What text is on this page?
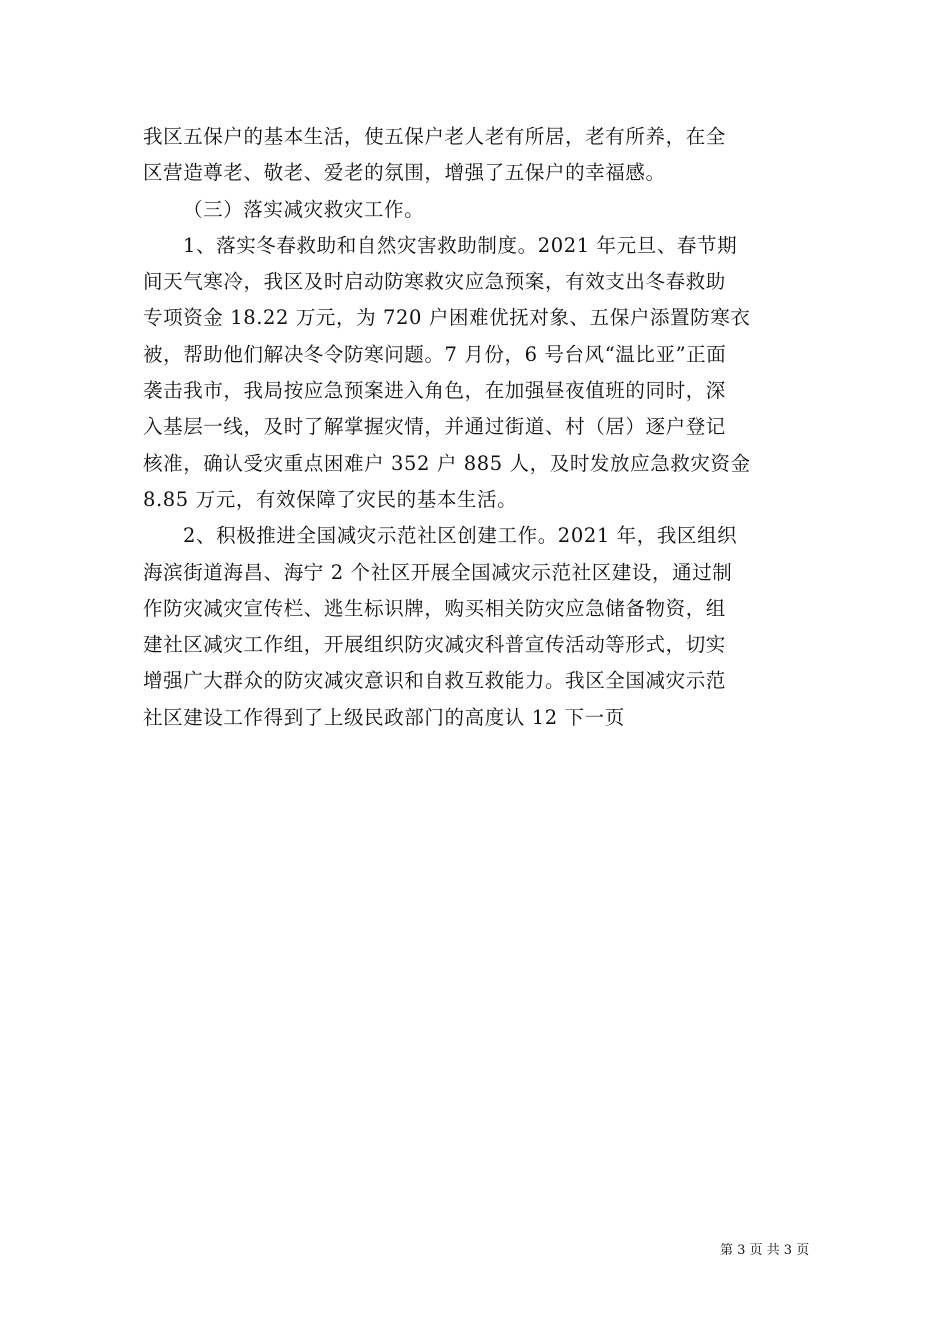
我区五保户的基本生活，使五保户老人老有所居，老有所养，在全
区营造尊老、敬老、爱老的氛围，增强了五保户的幸福感。
（三）落实减灾救灾工作。
1、落实冬春救助和自然灾害救助制度。2021 年元旦、春节期
间天气寒冷，我区及时启动防寒救灾应急预案，有效支出冬春救助
专项资金 18.22 万元，为 720 户困难优抚对象、五保户添置防寒衣
被，帮助他们解决冬令防寒问题。7 月份，6 号台风“温比亚”正面
袭击我市，我局按应急预案进入角色，在加强昼夜值班的同时，深
入基层一线，及时了解掌握灾情，并通过街道、村（居）逐户登记
核准，确认受灾重点困难户 352 户 885 人，及时发放应急救灾资金
8.85 万元，有效保障了灾民的基本生活。
2、积极推进全国减灾示范社区创建工作。2021 年，我区组织
海滨街道海昌、海宁 2 个社区开展全国减灾示范社区建设，通过制
作防灾减灾宣传栏、逃生标识牌，购买相关防灾应急储备物资，组
建社区减灾工作组，开展组织防灾减灾科普宣传活动等形式，切实
增强广大群众的防灾减灾意识和自救互救能力。我区全国减灾示范
社区建设工作得到了上级民政部门的高度认 12 下一页
第 3 页 共 3 页
